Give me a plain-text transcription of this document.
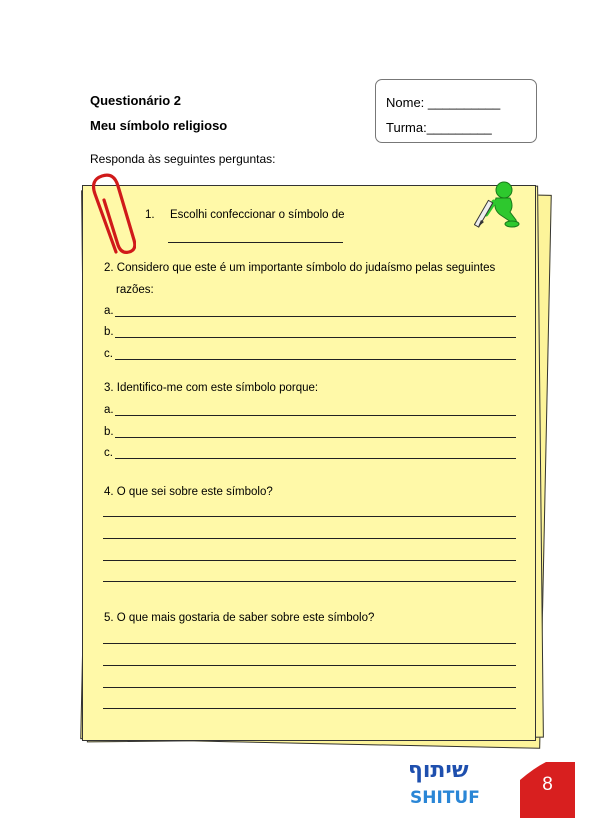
Questionário 2
Meu símbolo religioso
Nome: __________
Turma:_________
Responda às seguintes perguntas:
1. Escolhi confeccionar o símbolo de
2. Considero que este é um importante símbolo do judaísmo pelas seguintes
razões:
a.
b.
c.
3. Identifico-me com este símbolo porque:
a.
b.
c.
4. O que sei sobre este símbolo?
5. O que mais gostaria de saber sobre este símbolo?
שיתוף
SHITUF
8
